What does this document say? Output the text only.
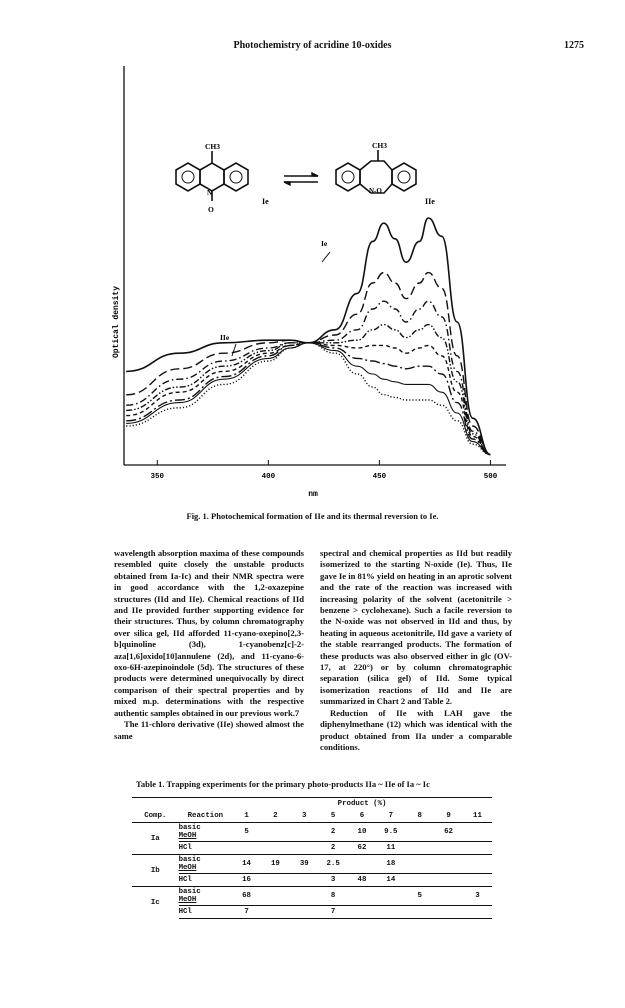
Photochemistry of acridine 10-oxides	1275
CH3
N
O
Ie
CH3
N-O
IIe
350	400	450	500
Optical density
nm
Ie
IIe
Fig. 1. Photochemical formation of IIe and its thermal reversion to Ie.

wavelength absorption maxima of these compounds resembled quite closely the unstable products obtained from Ia-Ic) and their NMR spectra were in good accordance with the 1,2-oxazepine structures (IId and IIe). Chemical reactions of IId and IIe provided further supporting evidence for their structures. Thus, by column chromatography over silica gel, IId afforded 11-cyano-oxepino[2,3-b]quinoline (3d), 1-cyanobenz[c]-2-aza[1,6]oxido[10]annulene (2d), and 11-cyano-6-oxo-6H-azepinoindole (5d). The structures of these products were determined unequivocally by direct comparison of their spectral properties and by mixed m.p. determinations with the respective authentic samples obtained in our previous work.7

The 11-chloro derivative (IIe) showed almost the same

spectral and chemical properties as IId but readily isomerized to the starting N-oxide (Ie). Thus, IIe gave Ie in 81% yield on heating in an aprotic solvent and the rate of the reaction was increased with increasing polarity of the solvent (acetonitrile > benzene > cyclohexane). Such a facile reversion to the N-oxide was not observed in IId and thus, by heating in aqueous acetonitrile, IId gave a variety of the stable rearranged products. The formation of these products was also observed either in glc (OV-17, at 220°) or by column chromatographic separation (silica gel) of IId. Some typical isomerization reactions of IId and IIe are summarized in Chart 2 and Table 2.

Reduction of IIe with LAH gave the diphenylmethane (12) which was identical with the product obtained from IIa under a comparable conditions.

Table 1. Trapping experiments for the primary photo-products IIa ~ IIe of Ia ~ Ic
		Product (%)								
Comp.	Reaction	1	2	3	5	6	7	8	9	11
Ia	basic
MeOH	5			2	10	9.5		62	
	HCl				2	62	11			
Ib	basic
MeOH	14	19	39	2.5		18			
	HCl	16			3	48	14			
Ic	basic
MeOH	68			8			5		3
	HCl	7			7					
